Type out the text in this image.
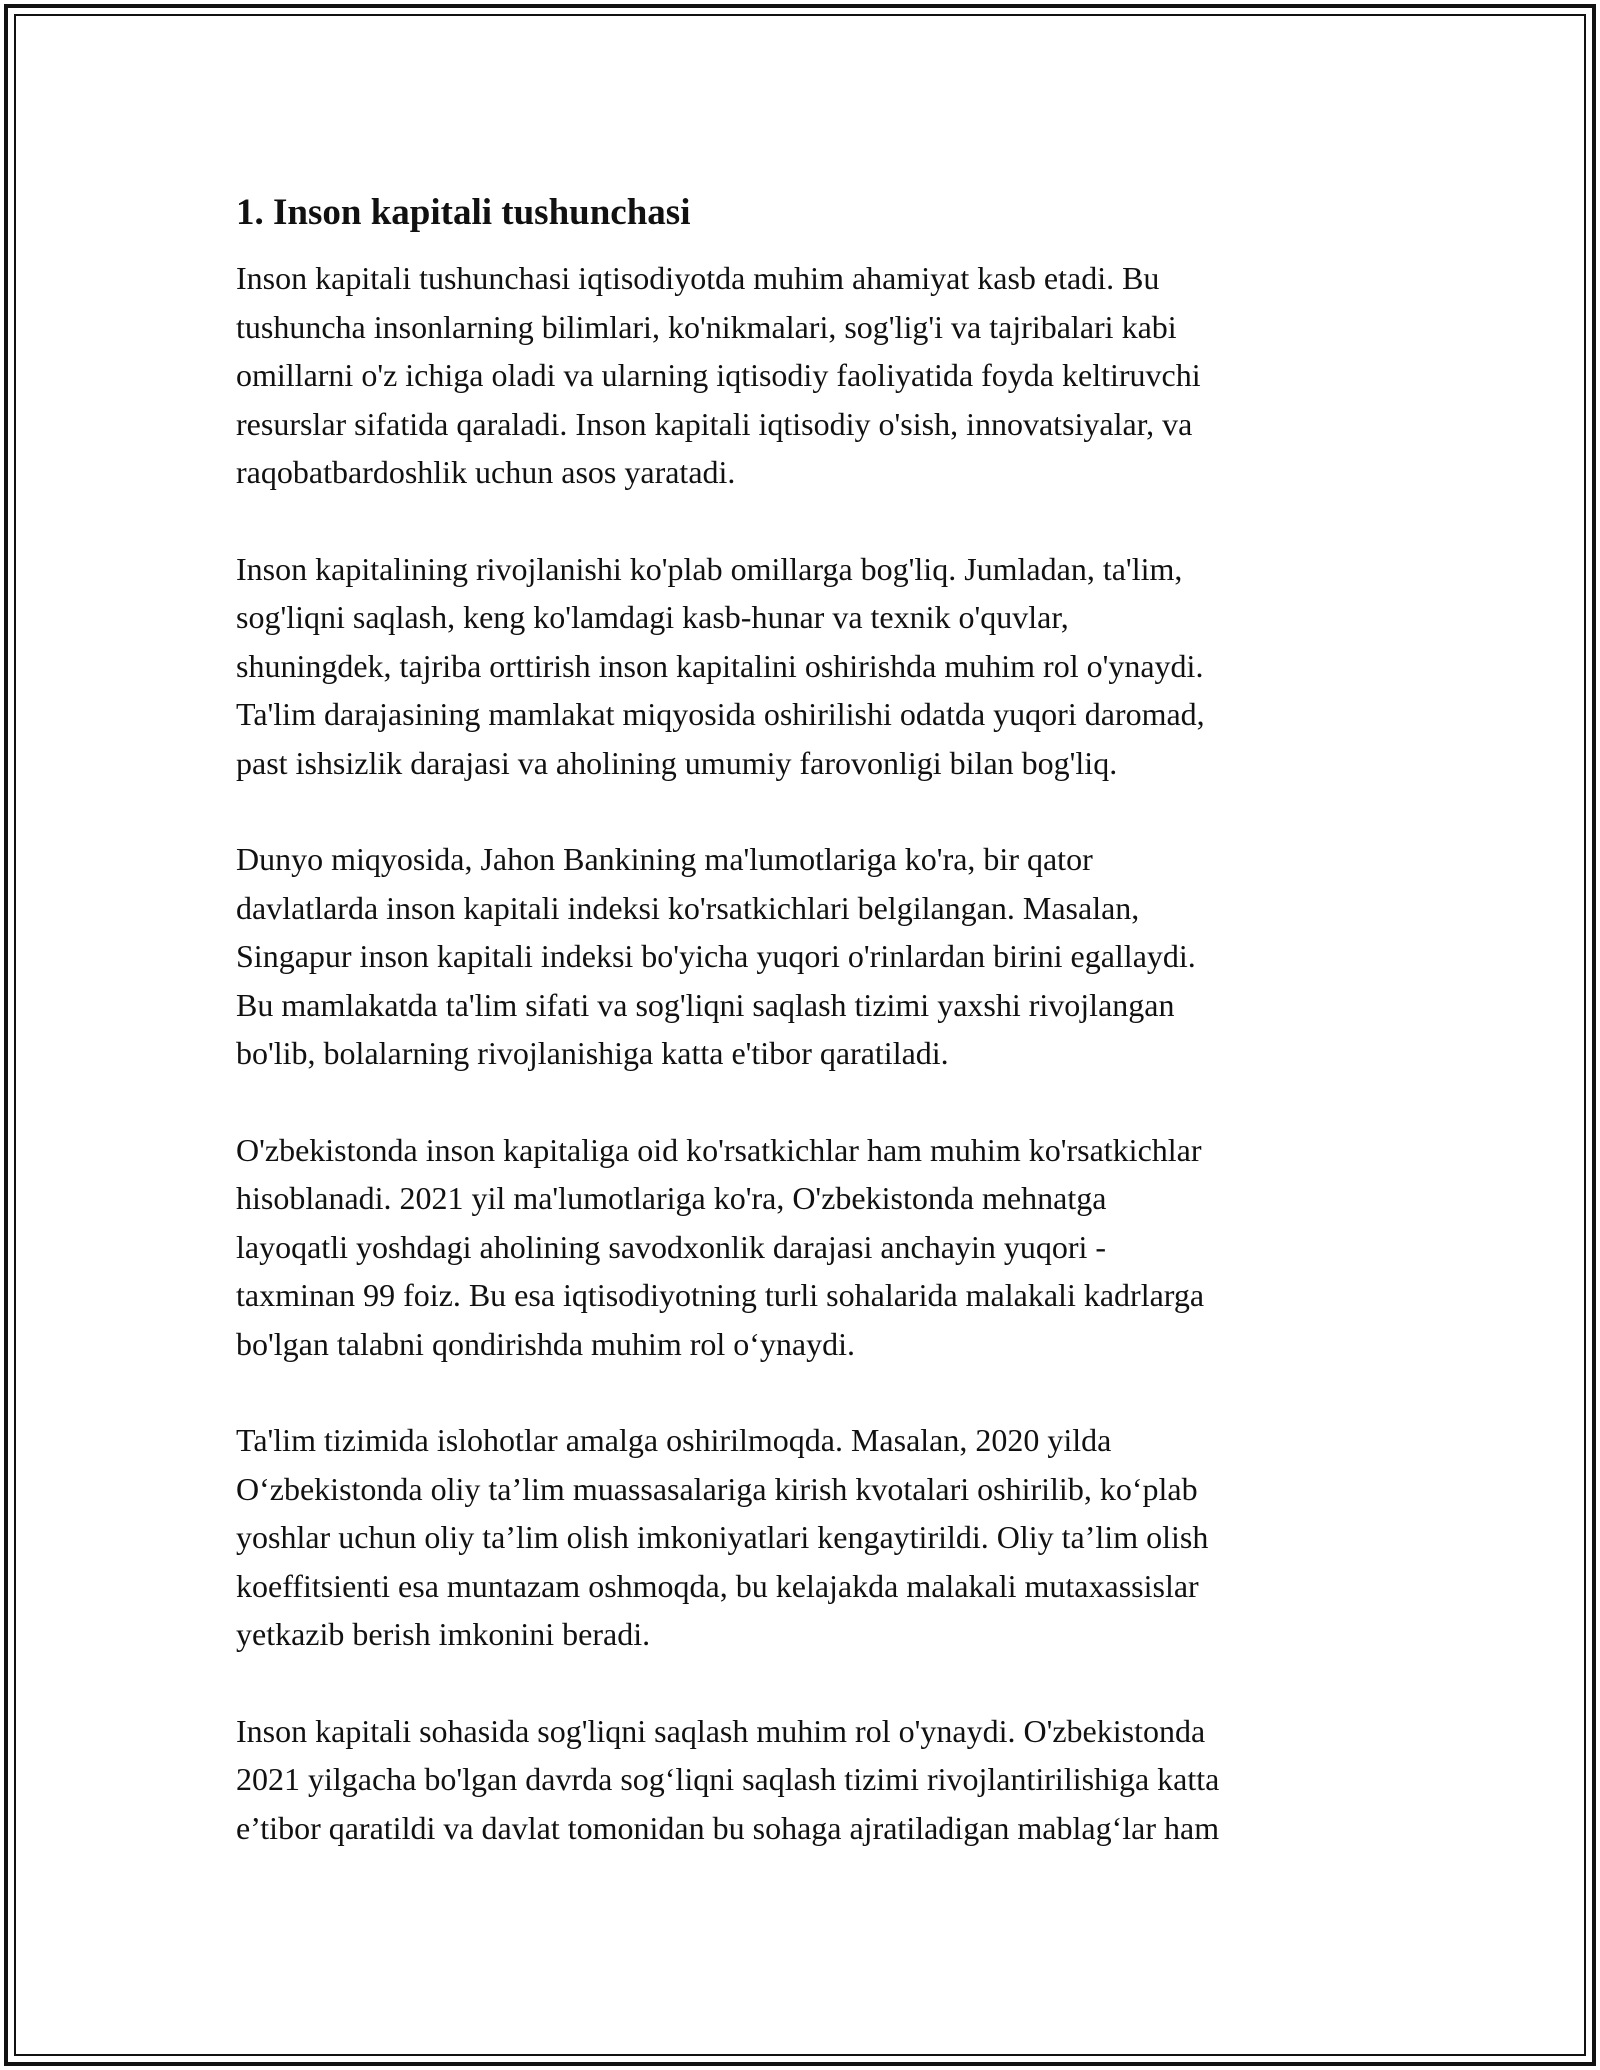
1. Inson kapitali tushunchasi

Inson kapitali tushunchasi iqtisodiyotda muhim ahamiyat kasb etadi. Bu
tushuncha insonlarning bilimlari, ko'nikmalari, sog'lig'i va tajribalari kabi
omillarni o'z ichiga oladi va ularning iqtisodiy faoliyatida foyda keltiruvchi
resurslar sifatida qaraladi. Inson kapitali iqtisodiy o'sish, innovatsiyalar, va
raqobatbardoshlik uchun asos yaratadi.

Inson kapitalining rivojlanishi ko'plab omillarga bog'liq. Jumladan, ta'lim,
sog'liqni saqlash, keng ko'lamdagi kasb-hunar va texnik o'quvlar,
shuningdek, tajriba orttirish inson kapitalini oshirishda muhim rol o'ynaydi.
Ta'lim darajasining mamlakat miqyosida oshirilishi odatda yuqori daromad,
past ishsizlik darajasi va aholining umumiy farovonligi bilan bog'liq.

Dunyo miqyosida, Jahon Bankining ma'lumotlariga ko'ra, bir qator
davlatlarda inson kapitali indeksi ko'rsatkichlari belgilangan. Masalan,
Singapur inson kapitali indeksi bo'yicha yuqori o'rinlardan birini egallaydi.
Bu mamlakatda ta'lim sifati va sog'liqni saqlash tizimi yaxshi rivojlangan
bo'lib, bolalarning rivojlanishiga katta e'tibor qaratiladi.

O'zbekistonda inson kapitaliga oid ko'rsatkichlar ham muhim ko'rsatkichlar
hisoblanadi. 2021 yil ma'lumotlariga ko'ra, O'zbekistonda mehnatga
layoqatli yoshdagi aholining savodxonlik darajasi anchayin yuqori -
taxminan 99 foiz. Bu esa iqtisodiyotning turli sohalarida malakali kadrlarga
bo'lgan talabni qondirishda muhim rol o‘ynaydi.

Ta'lim tizimida islohotlar amalga oshirilmoqda. Masalan, 2020 yilda
O‘zbekistonda oliy ta’lim muassasalariga kirish kvotalari oshirilib, ko‘plab
yoshlar uchun oliy ta’lim olish imkoniyatlari kengaytirildi. Oliy ta’lim olish
koeffitsienti esa muntazam oshmoqda, bu kelajakda malakali mutaxassislar
yetkazib berish imkonini beradi.

Inson kapitali sohasida sog'liqni saqlash muhim rol o'ynaydi. O'zbekistonda
2021 yilgacha bo'lgan davrda sog‘liqni saqlash tizimi rivojlantirilishiga katta
e’tibor qaratildi va davlat tomonidan bu sohaga ajratiladigan mablag‘lar ham
